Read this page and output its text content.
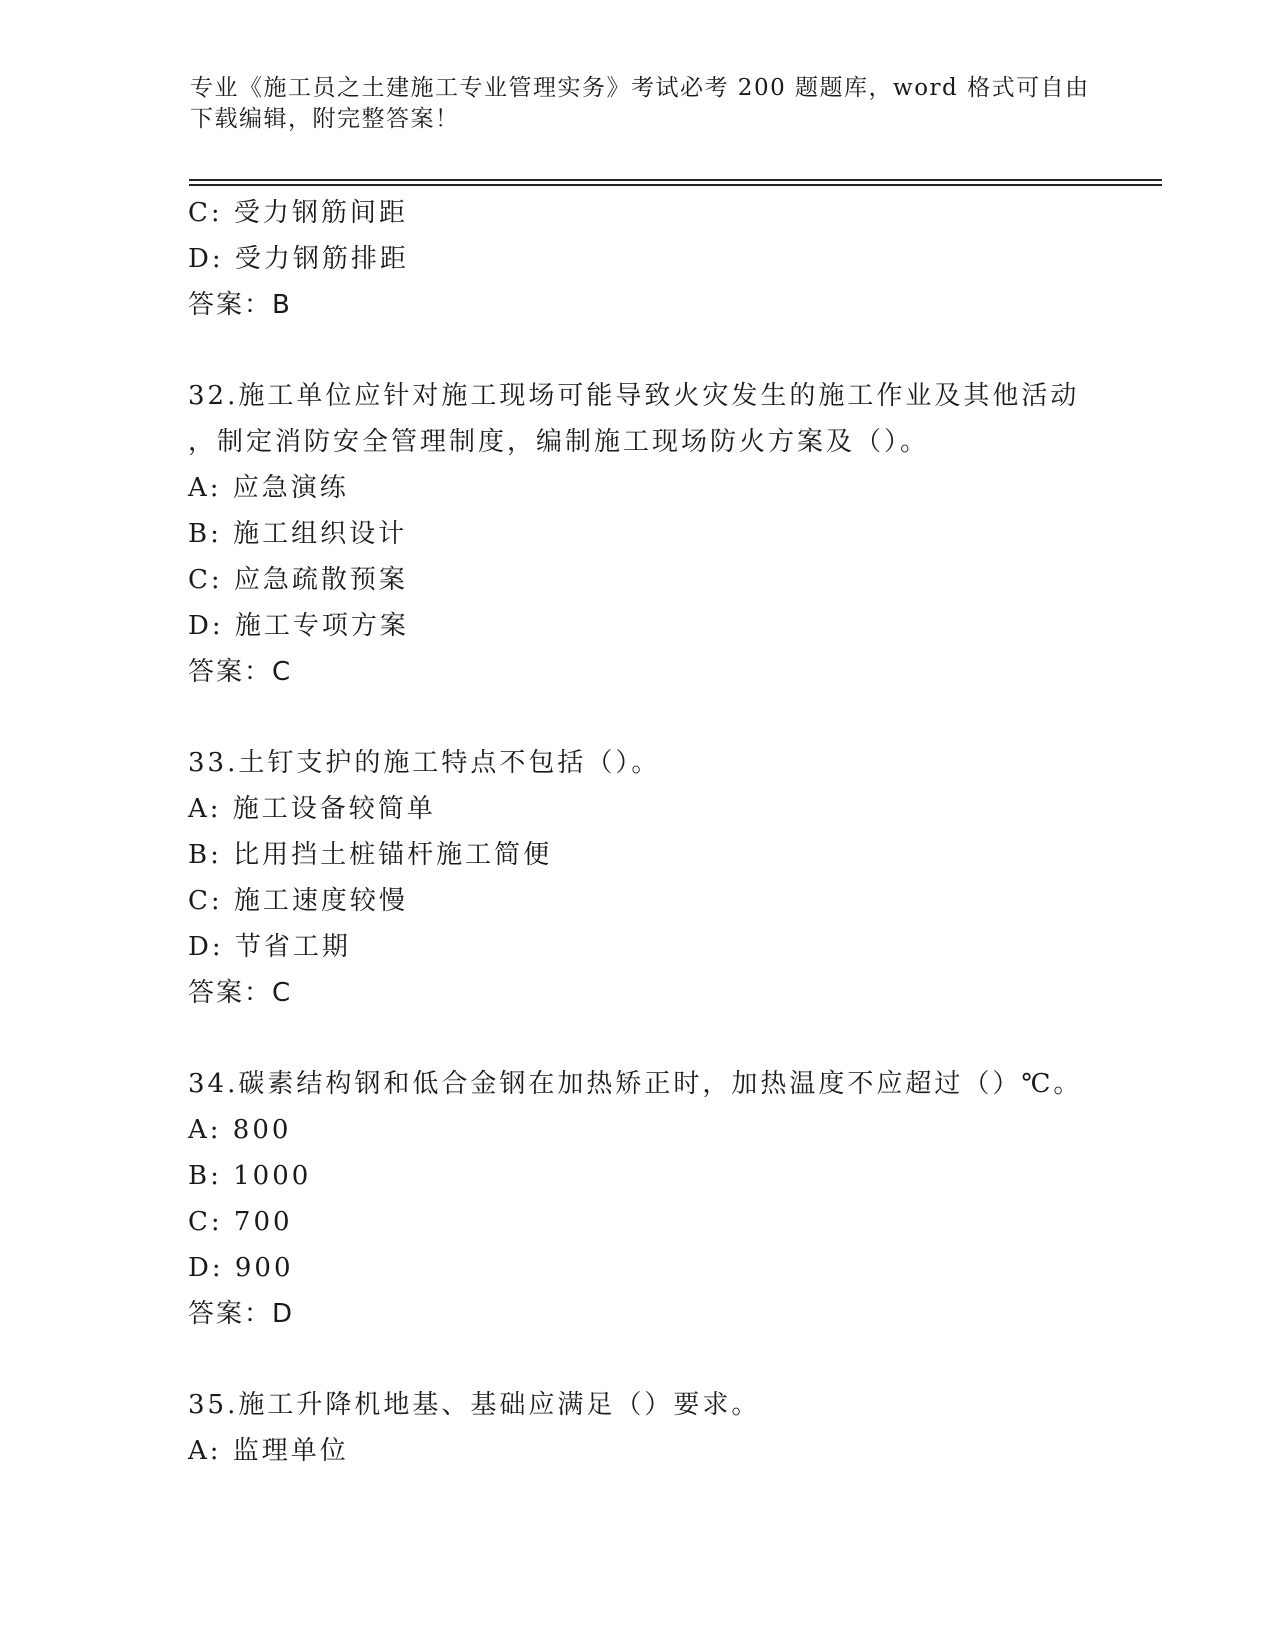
专业《施工员之土建施工专业管理实务》考试必考 200 题题库，word 格式可自由
下载编辑，附完整答案！
C: 受力钢筋间距
D: 受力钢筋排距
答案：B
32.施工单位应针对施工现场可能导致火灾发生的施工作业及其他活动
，制定消防安全管理制度，编制施工现场防火方案及（）。
A: 应急演练
B: 施工组织设计
C: 应急疏散预案
D: 施工专项方案
答案：C
33.土钉支护的施工特点不包括（）。
A: 施工设备较简单
B: 比用挡土桩锚杆施工简便
C: 施工速度较慢
D: 节省工期
答案：C
34.碳素结构钢和低合金钢在加热矫正时，加热温度不应超过（）℃。
A: 800
B: 1000
C: 700
D: 900
答案：D
35.施工升降机地基、基础应满足（）要求。
A: 监理单位
